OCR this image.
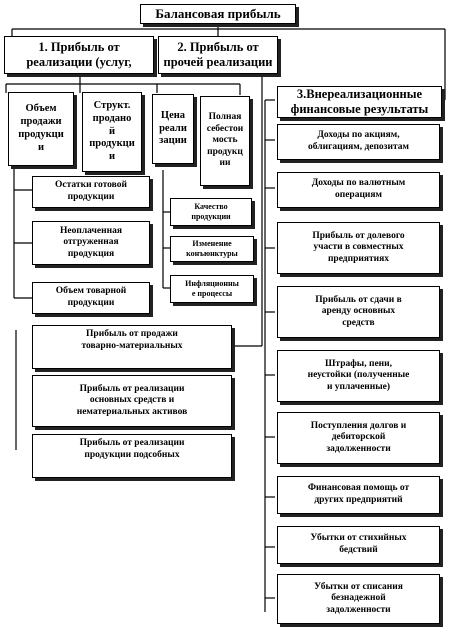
Балансовая прибыль
1. Прибыль от
реализации (услуг,
2. Прибыль от
прочей реализации
3.Внереализационные
финансовые результаты
Объем
продажи
продукци
и
Структ.
продано
й
продукци
и
Цена
реали
зации
Полная
себестои
мость
продукц
ии
Остатки готовой
продукции
Неоплаченная
отгруженная
продукция
Объем товарной
продукции
Качество
продукции
Изменение
конъюнктуры
Инфляционны
е процессы
Прибыль от продажи
товарно-материальных
Прибыль от реализации
основных средств и
нематериальных активов
Прибыль от реализации
продукции подсобных
Доходы по акциям,
облигациям, депозитам
Доходы по валютным
операциям
Прибыль от долевого
участи в совместных
предприятиях
Прибыль от сдачи в
аренду основных
средств
Штрафы, пени,
неустойки (полученные
и уплаченные)
Поступления долгов и
дебиторской
задолженности
Финансовая помощь от
других предприятий
Убытки от стихийных
бедствий
Убытки от списания
безнадежной
задолженности
